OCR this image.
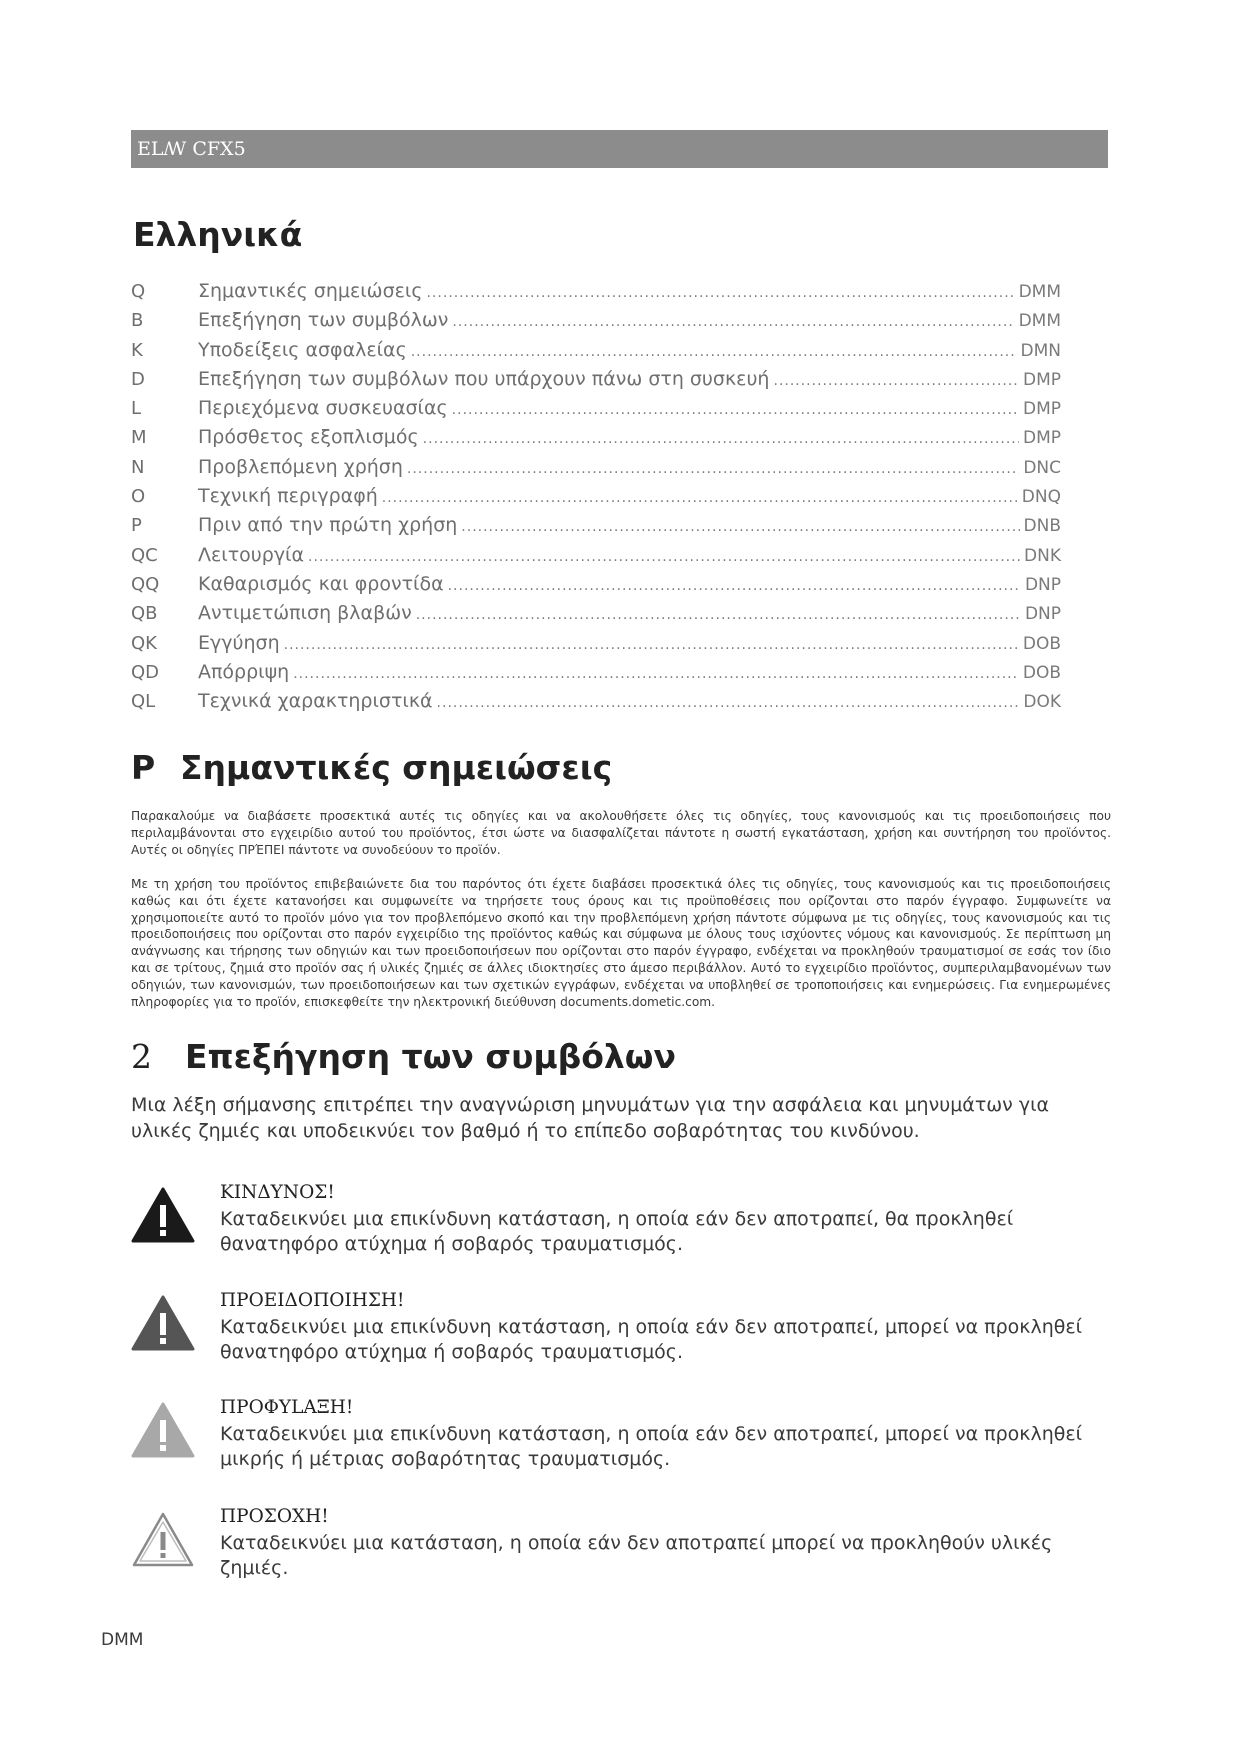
ELꟿ CFX5
Ελληνικά
Q	Σημαντικές σημειώσεις .....	DMM
B	Επεξήγηση των συμβόλων .....	DMM
K	Υποδείξεις ασφαλείας .....	DMN
D	Επεξήγηση των συμβόλων που υπάρχουν πάνω στη συσκευή .....	DMP
L	Περιεχόμενα συσκευασίας .....	DMP
M	Πρόσθετος εξοπλισμός .....	DMP
N	Προβλεπόμενη χρήση .....	DNC
O	Τεχνική περιγραφή .....	DNQ
P	Πριν από την πρώτη χρήση .....	DNB
QC	Λειτουργία .....	DNK
QQ	Καθαρισμός και φροντίδα .....	DNP
QB	Αντιμετώπιση βλαβών .....	DNP
QK	Εγγύηση .....	DOB
QD	Απόρριψη .....	DOB
QL	Τεχνικά χαρακτηριστικά .....	DOK
P Σημαντικές σημειώσεις

Παρακαλούμε να διαβάσετε προσεκτικά αυτές τις οδηγίες και να ακολουθήσετε όλες τις οδηγίες, τους κανονισμούς και τις προειδοποιήσεις που περιλαμβάνονται στο εγχειρίδιο αυτού του προϊόντος, έτσι ώστε να διασφαλίζεται πάντοτε η σωστή εγκατάσταση, χρήση και συντήρηση του προϊόντος. Αυτές οι οδηγίες ΠΡΈΠΕΙ πάντοτε να συνοδεύουν το προϊόν.

Με τη χρήση του προϊόντος επιβεβαιώνετε δια του παρόντος ότι έχετε διαβάσει προσεκτικά όλες τις οδηγίες, τους κανονισμούς και τις προειδοποιήσεις καθώς και ότι έχετε κατανοήσει και συμφωνείτε να τηρήσετε τους όρους και τις προϋποθέσεις που ορίζονται στο παρόν έγγραφο. Συμφωνείτε να χρησιμοποιείτε αυτό το προϊόν μόνο για τον προβλεπόμενο σκοπό και την προβλεπόμενη χρήση πάντοτε σύμφωνα με τις οδηγίες, τους κανονισμούς και τις προειδοποιήσεις που ορίζονται στο παρόν εγχειρίδιο της προϊόντος καθώς και σύμφωνα με όλους τους ισχύοντες νόμους και κανονισμούς. Σε περίπτωση μη ανάγνωσης και τήρησης των οδηγιών και των προειδοποιήσεων που ορίζονται στο παρόν έγγραφο, ενδέχεται να προκληθούν τραυματισμοί σε εσάς τον ίδιο και σε τρίτους, ζημιά στο προϊόν σας ή υλικές ζημιές σε άλλες ιδιοκτησίες στο άμεσο περιβάλλον. Αυτό το εγχειρίδιο προϊόντος, συμπεριλαμβανομένων των οδηγιών, των κανονισμών, των προειδοποιήσεων και των σχετικών εγγράφων, ενδέχεται να υποβληθεί σε τροποποιήσεις και ενημερώσεις. Για ενημερωμένες πληροφορίες για το προϊόν, επισκεφθείτε την ηλεκτρονική διεύθυνση documents.dometic.com.

2	Επεξήγηση των συμβόλων

Μια λέξη σήμανσης επιτρέπει την αναγνώριση μηνυμάτων για την ασφάλεια και μηνυμάτων για υλικές ζημιές και υποδεικνύει τον βαθμό ή το επίπεδο σοβαρότητας του κινδύνου.

ΚΙΝΔΥΝΟΣ!

Καταδεικνύει μια επικίνδυνη κατάσταση, η οποία εάν δεν αποτραπεί, θα προκληθεί θανατηφόρο ατύχημα ή σοβαρός τραυματισμός.

ΠΡΟΕΙΔΟΠΟΙΗΣΗ!

Καταδεικνύει μια επικίνδυνη κατάσταση, η οποία εάν δεν αποτραπεί, μπορεί να προκληθεί θανατηφόρο ατύχημα ή σοβαρός τραυματισμός.

ΠΡΟΦΥLAΞΗ!

Καταδεικνύει μια επικίνδυνη κατάσταση, η οποία εάν δεν αποτραπεί, μπορεί να προκληθεί μικρής ή μέτριας σοβαρότητας τραυματισμός.

ΠΡΟΣΟΧΗ!

Καταδεικνύει μια κατάσταση, η οποία εάν δεν αποτραπεί μπορεί να προκληθούν υλικές ζημιές.

DMM
